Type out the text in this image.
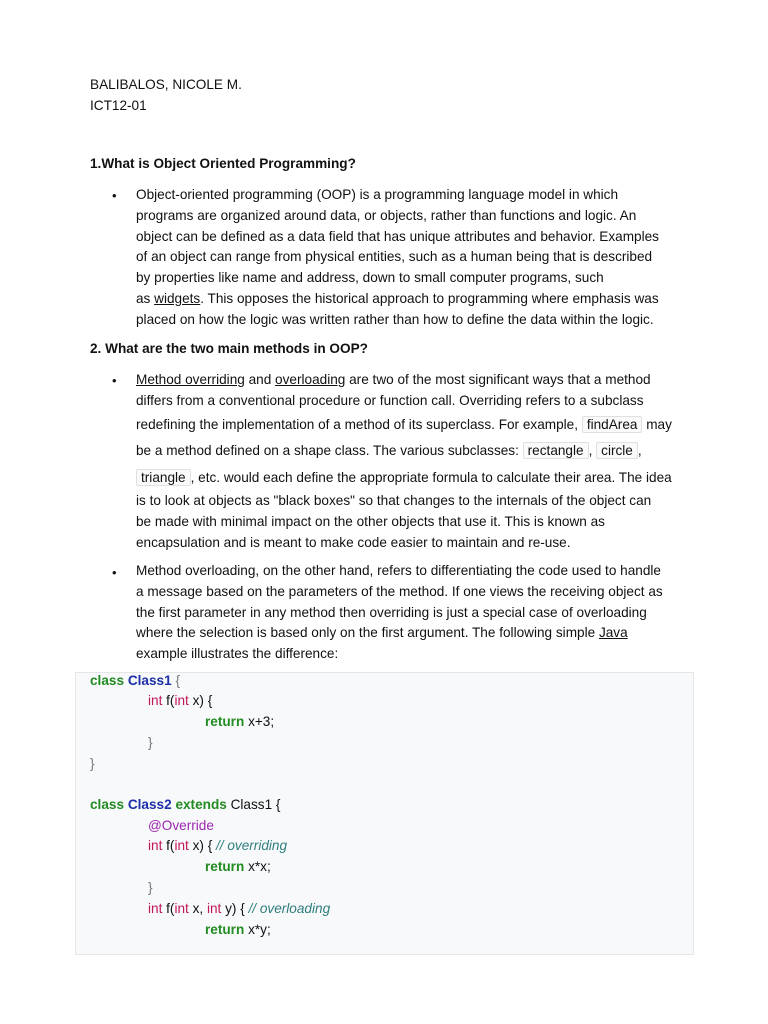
BALIBALOS, NICOLE M.
ICT12-01
1.What is Object Oriented Programming?
• Object-oriented programming (OOP) is a programming language model in which
programs are organized around data, or objects, rather than functions and logic. An
object can be defined as a data field that has unique attributes and behavior. Examples
of an object can range from physical entities, such as a human being that is described
by properties like name and address, down to small computer programs, such
as widgets. This opposes the historical approach to programming where emphasis was
placed on how the logic was written rather than how to define the data within the logic.
2. What are the two main methods in OOP?
• Method overriding and overloading are two of the most significant ways that a method
differs from a conventional procedure or function call. Overriding refers to a subclass
redefining the implementation of a method of its superclass. For example, findArea may
be a method defined on a shape class. The various subclasses: rectangle , circle ,
triangle , etc. would each define the appropriate formula to calculate their area. The idea
is to look at objects as "black boxes" so that changes to the internals of the object can
be made with minimal impact on the other objects that use it. This is known as
encapsulation and is meant to make code easier to maintain and re-use.
• Method overloading, on the other hand, refers to differentiating the code used to handle
a message based on the parameters of the method. If one views the receiving object as
the first parameter in any method then overriding is just a special case of overloading
where the selection is based only on the first argument. The following simple Java
example illustrates the difference:
class Class1 {
int f(int x) {
return x+3;
}
}
class Class2 extends Class1 {
@Override
int f(int x) { // overriding
return x*x;
}
int f(int x, int y) { // overloading
return x*y;
